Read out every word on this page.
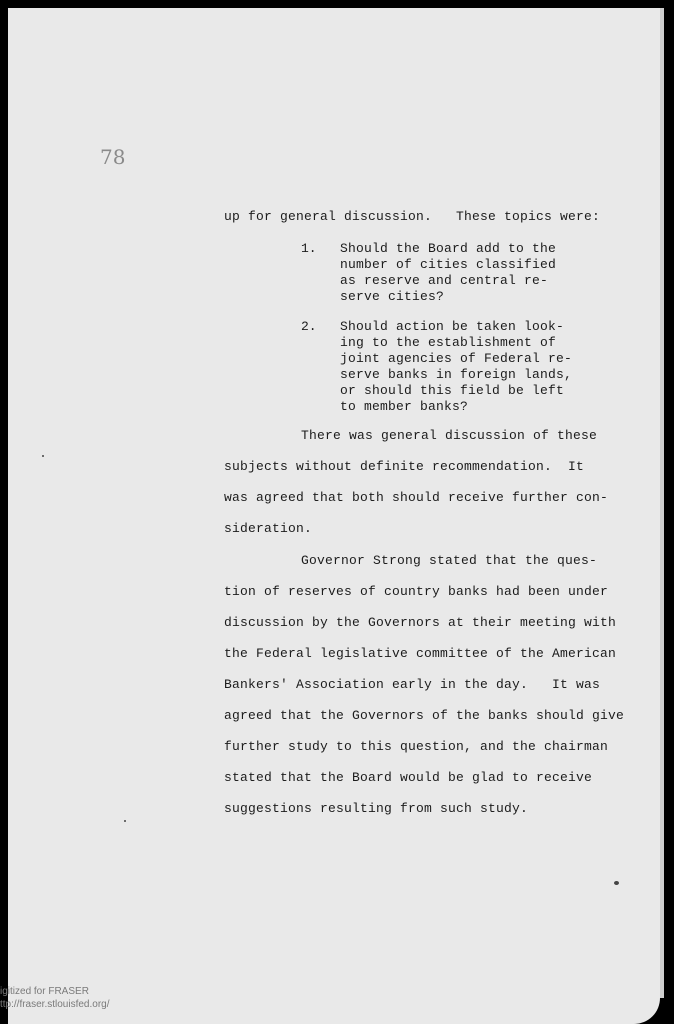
78
up for general discussion.   These topics were:
1. Should the Board add to the
number of cities classified
as reserve and central re-
serve cities?
2. Should action be taken look-
ing to the establishment of
joint agencies of Federal re-
serve banks in foreign lands,
or should this field be left
to member banks?
There was general discussion of these
subjects without definite recommendation.  It
was agreed that both should receive further con-
sideration.
Governor Strong stated that the ques-
tion of reserves of country banks had been under
discussion by the Governors at their meeting with
the Federal legislative committee of the American
Bankers' Association early in the day.   It was
agreed that the Governors of the banks should give
further study to this question, and the chairman
stated that the Board would be glad to receive
suggestions resulting from such study.
igitized for FRASER
ttp://fraser.stlouisfed.org/
